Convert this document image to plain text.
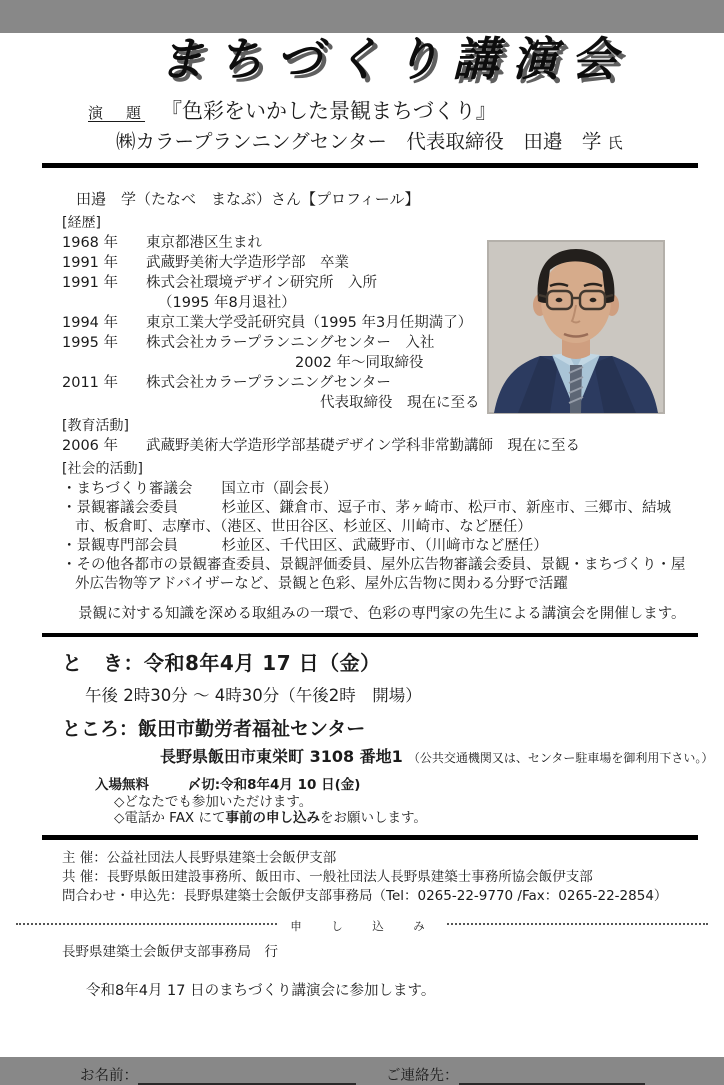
まちづくり講演会
演　題 『色彩をいかした景観まちづくり』
㈱カラープランニングセンター　代表取締役　田邉　学 氏
田邉　学（たなべ　まなぶ）さん【プロフィール】
[経歴]
1968 年	東京都港区生まれ
1991 年	武蔵野美術大学造形学部　卒業
1991 年	株式会社環境デザイン研究所　入所
（1995 年8月退社）
1994 年	東京工業大学受託研究員（1995 年3月任期満了）
1995 年	株式会社カラープランニングセンター　入社
2002 年～同取締役
2011 年	株式会社カラープランニングセンター
代表取締役　現在に至る
[教育活動]
2006 年	武蔵野美術大学造形学部基礎デザイン学科非常勤講師　現在に至る
[社会的活動]
・まちづくり審議会　　国立市（副会長）
・景観審議会委員　　　杉並区、鎌倉市、逗子市、茅ヶ崎市、松戸市、新座市、三郷市、結城市、板倉町、志摩市、（港区、世田谷区、杉並区、川崎市、など歴任）
・景観専門部会員　　　杉並区、千代田区、武蔵野市、（川﨑市など歴任）
・その他各都市の景観審査委員、景観評価委員、屋外広告物審議会委員、景観・まちづくり・屋外広告物等アドバイザーなど、景観と色彩、屋外広告物に関わる分野で活躍
景観に対する知識を深める取組みの一環で、色彩の専門家の先生による講演会を開催します。
と　き：令和8年4月 17 日（金）
午後 2時30分 ～ 4時30分（午後2時　開場）
ところ：飯田市勤労者福祉センター
長野県飯田市東栄町 3108 番地1 （公共交通機関又は、センター駐車場を御利用下さい。）
入場無料	〆切:令和8年4月 10 日(金)
◇どなたでも参加いただけます。
◇電話か FAX にて事前の申し込みをお願いします。
主 催：公益社団法人長野県建築士会飯伊支部
共 催：長野県飯田建設事務所、飯田市、一般社団法人長野県建築士事務所協会飯伊支部
問合わせ・申込先：長野県建築士会飯伊支部事務局（Tel：0265-22-9770 /Fax：0265-22-2854）
申　し　込　み
長野県建築士会飯伊支部事務局　行
令和8年4月 17 日のまちづくり講演会に参加します。
お名前：	ご連絡先：
